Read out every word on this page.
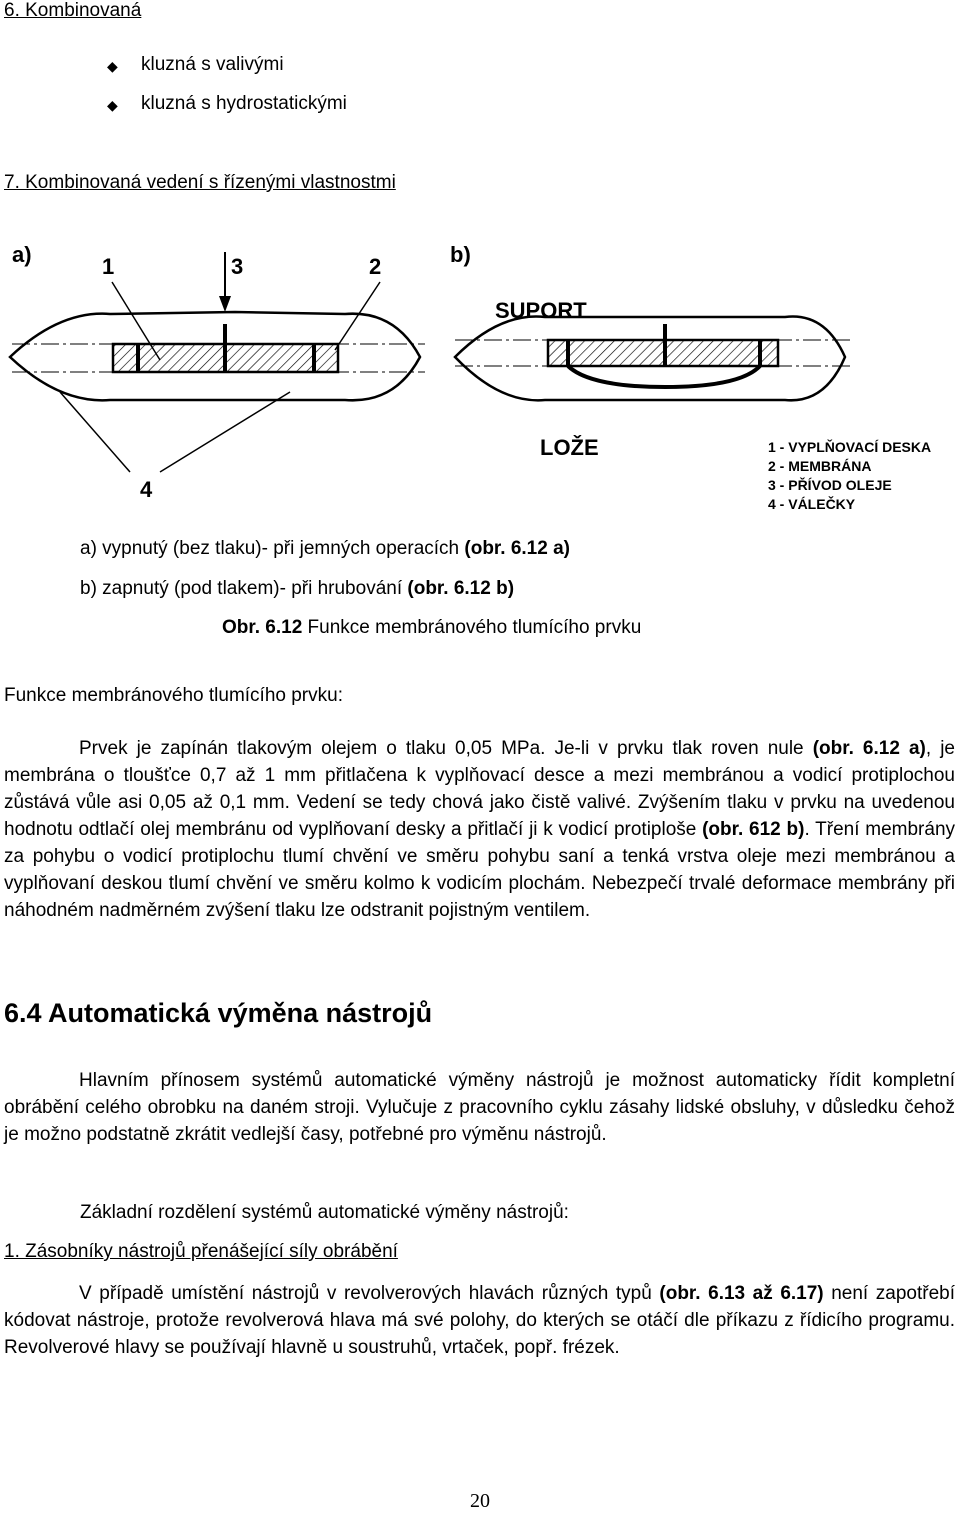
6. Kombinovaná
◆ kluzná s valivými
◆ kluzná s hydrostatickými
7. Kombinovaná vedení s řízenými vlastnostmi
a)	1	3	2
4
b)
SUPORT
LOŽE	1 - VYPLŇOVACÍ DESKA
2 - MEMBRÁNA
3 - PŘÍVOD OLEJE
4 - VÁLEČKY
a) vypnutý (bez tlaku)- při jemných operacích (obr. 6.12 a)
b) zapnutý (pod tlakem)- při hrubování (obr. 6.12 b)
Obr. 6.12 Funkce membránového tlumícího prvku
Funkce membránového tlumícího prvku:
Prvek je zapínán tlakovým olejem o tlaku 0,05 MPa. Je-li v prvku tlak roven nule (obr. 6.12 a), je membrána o tloušťce 0,7 až 1 mm přitlačena k vyplňovací desce a mezi membránou a vodicí protiplochou zůstává vůle asi 0,05 až 0,1 mm. Vedení se tedy chová jako čistě valivé. Zvýšením tlaku v prvku na uvedenou hodnotu odtlačí olej membránu od vyplňovaní desky a přitlačí ji k vodicí protiploše (obr. 612 b). Tření membrány za pohybu o vodicí protiplochu tlumí chvění ve směru pohybu saní a tenká vrstva oleje mezi membránou a vyplňovaní deskou tlumí chvění ve směru kolmo k vodicím plochám. Nebezpečí trvalé deformace membrány při náhodném nadměrném zvýšení tlaku lze odstranit pojistným ventilem.
6.4 Automatická výměna nástrojů
Hlavním přínosem systémů automatické výměny nástrojů je možnost automaticky řídit kompletní obrábění celého obrobku na daném stroji. Vylučuje z pracovního cyklu zásahy lidské obsluhy, v důsledku čehož je možno podstatně zkrátit vedlejší časy, potřebné pro výměnu nástrojů.
Základní rozdělení systémů automatické výměny nástrojů:
1. Zásobníky nástrojů přenášející síly obrábění
V případě umístění nástrojů v revolverových hlavách různých typů (obr. 6.13 až 6.17) není zapotřebí kódovat nástroje, protože revolverová hlava má své polohy, do kterých se otáčí dle příkazu z řídicího programu. Revolverové hlavy se používají hlavně u soustruhů, vrtaček, popř. frézek.
20
